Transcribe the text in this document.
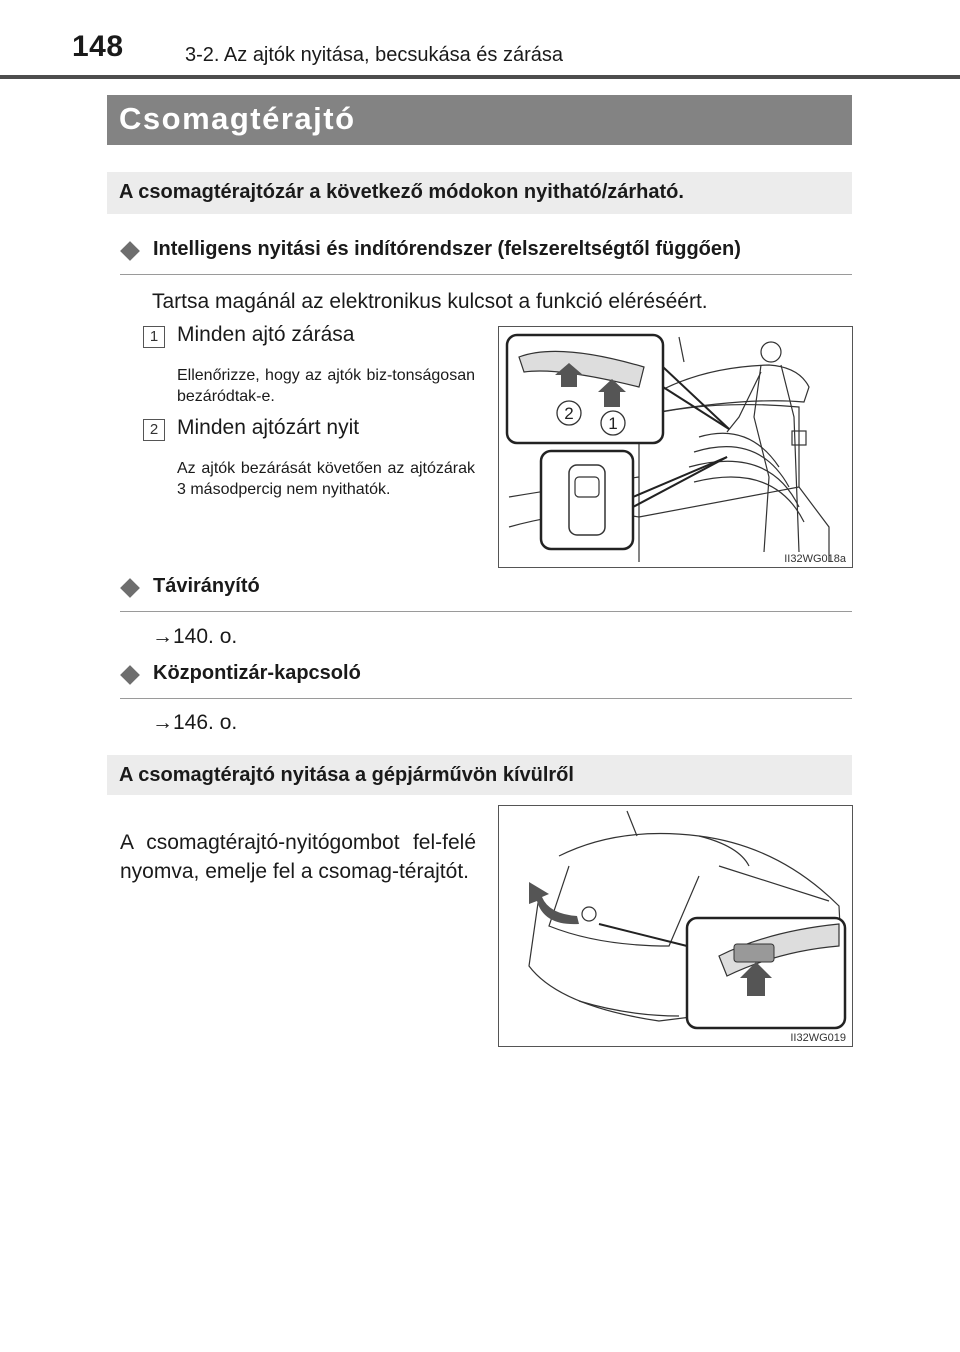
148	3-2. Az ajtók nyitása, becsukása és zárása
Csomagtérajtó
A csomagtérajtózár a következő módokon nyitható/zárható.
Intelligens nyitási és indítórendszer (felszereltségtől függően)
Tartsa magánál az elektronikus kulcsot a funkció eléréséért.
1 Minden ajtó zárása
Ellenőrizze, hogy az ajtók biz-tonságosan bezáródtak-e.
2 Minden ajtózárt nyit
Az ajtók bezárását követően az ajtózárak 3 másodpercig nem nyithatók.
2
1
II32WG018a
Távirányító
→140. o.
Központizár-kapcsoló
→146. o.
A csomagtérajtó nyitása a gépjárművön kívülről
A csomagtérajtó-nyitógombot fel-felé nyomva, emelje fel a csomag-térajtót.
II32WG019
